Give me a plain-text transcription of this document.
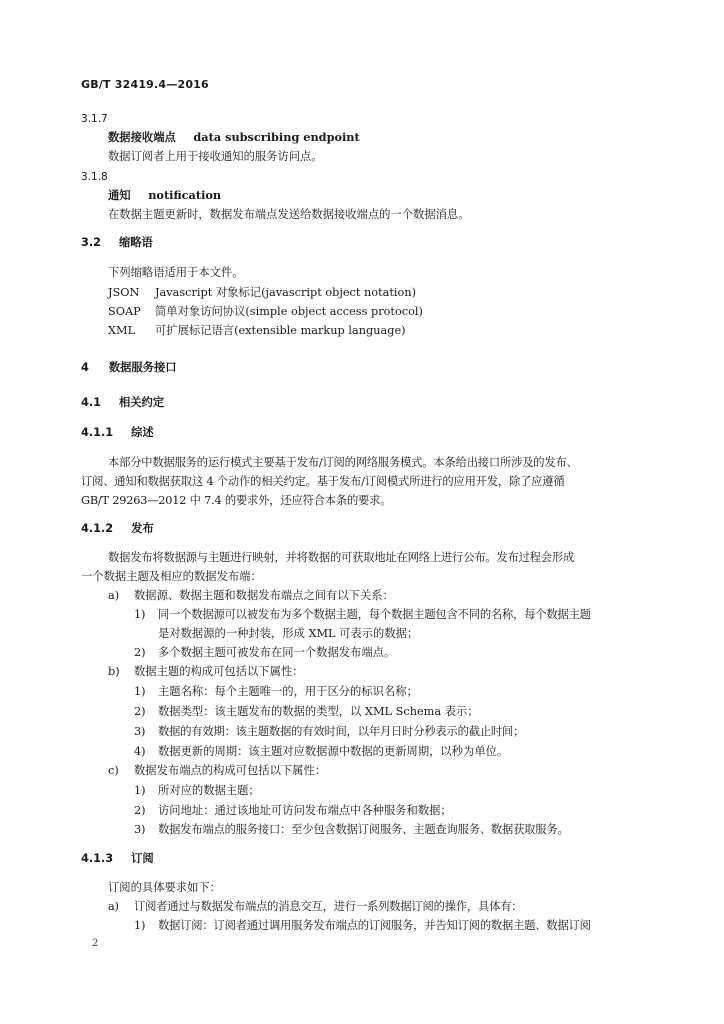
GB/T 32419.4—2016
3.1.7
数据接收端点 data subscribing endpoint
数据订阅者上用于接收通知的服务访问点。
3.1.8
通知 notification
在数据主题更新时，数据发布端点发送给数据接收端点的一个数据消息。
3.2 缩略语
下列缩略语适用于本文件。
JSON Javascript 对象标记(javascript object notation)
SOAP 简单对象访问协议(simple object access protocol)
XML 可扩展标记语言(extensible markup language)
4 数据服务接口
4.1 相关约定
4.1.1 综述
本部分中数据服务的运行模式主要基于发布/订阅的网络服务模式。本条给出接口所涉及的发布、
订阅、通知和数据获取这 4 个动作的相关约定。基于发布/订阅模式所进行的应用开发，除了应遵循
GB/T 29263—2012 中 7.4 的要求外，还应符合本条的要求。
4.1.2 发布
数据发布将数据源与主题进行映射，并将数据的可获取地址在网络上进行公布。发布过程会形成
一个数据主题及相应的数据发布端：
a) 数据源、数据主题和数据发布端点之间有以下关系：
1) 同一个数据源可以被发布为多个数据主题，每个数据主题包含不同的名称，每个数据主题
是对数据源的一种封装，形成 XML 可表示的数据；
2) 多个数据主题可被发布在同一个数据发布端点。
b) 数据主题的构成可包括以下属性：
1) 主题名称：每个主题唯一的，用于区分的标识名称；
2) 数据类型：该主题发布的数据的类型，以 XML Schema 表示；
3) 数据的有效期：该主题数据的有效时间，以年月日时分秒表示的截止时间；
4) 数据更新的周期：该主题对应数据源中数据的更新周期，以秒为单位。
c) 数据发布端点的构成可包括以下属性：
1) 所对应的数据主题；
2) 访问地址：通过该地址可访问发布端点中各种服务和数据；
3) 数据发布端点的服务接口：至少包含数据订阅服务、主题查询服务、数据获取服务。
4.1.3 订阅
订阅的具体要求如下：
a) 订阅者通过与数据发布端点的消息交互，进行一系列数据订阅的操作，具体有：
1) 数据订阅：订阅者通过调用服务发布端点的订阅服务，并告知订阅的数据主题、数据订阅
2
